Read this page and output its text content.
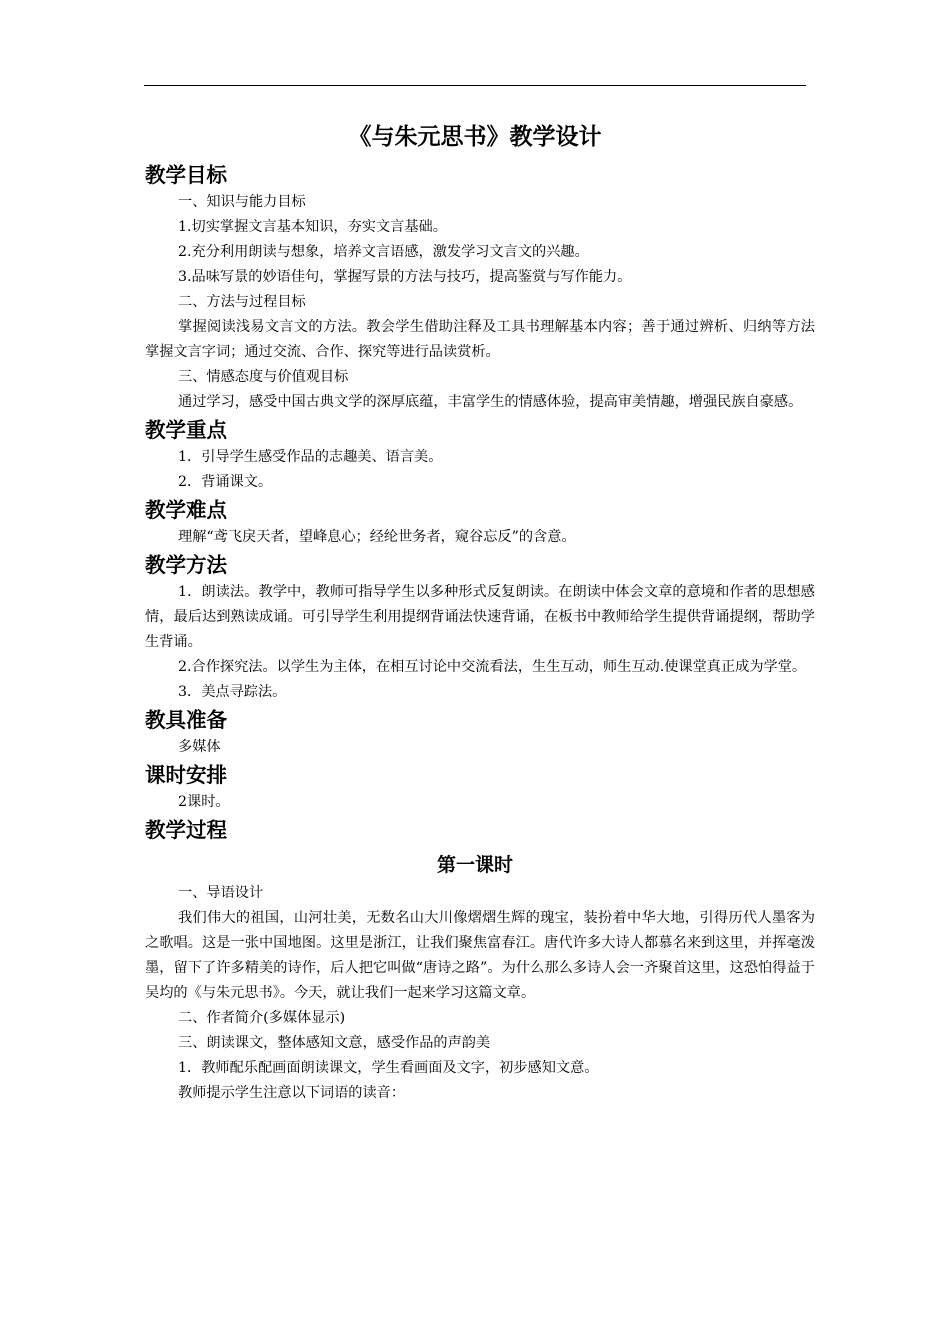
《与朱元思书》教学设计
教学目标

一、知识与能力目标

1.切实掌握文言基本知识，夯实文言基础。

2.充分利用朗读与想象，培养文言语感，激发学习文言文的兴趣。

3.品味写景的妙语佳句，掌握写景的方法与技巧，提高鉴赏与写作能力。

二、方法与过程目标

掌握阅读浅易文言文的方法。教会学生借助注释及工具书理解基本内容；善于通过辨析、归纳等方法掌握文言字词；通过交流、合作、探究等进行品读赏析。

三、情感态度与价值观目标

通过学习，感受中国古典文学的深厚底蕴，丰富学生的情感体验，提高审美情趣，增强民族自豪感。

教学重点

1．引导学生感受作品的志趣美、语言美。

2．背诵课文。

教学难点

理解“鸢飞戾天者，望峰息心；经纶世务者，窥谷忘反”的含意。

教学方法

1．朗读法。教学中，教师可指导学生以多种形式反复朗读。在朗读中体会文章的意境和作者的思想感情，最后达到熟读成诵。可引导学生利用提纲背诵法快速背诵，在板书中教师给学生提供背诵提纲，帮助学生背诵。

2.合作探究法。以学生为主体，在相互讨论中交流看法，生生互动，师生互动.使课堂真正成为学堂。

3．美点寻踪法。

教具准备

多媒体

课时安排

2课时。

教学过程
第一课时

一、导语设计

我们伟大的祖国，山河壮美，无数名山大川像熠熠生辉的瑰宝，装扮着中华大地，引得历代人墨客为之歌唱。这是一张中国地图。这里是浙江，让我们聚焦富春江。唐代许多大诗人都慕名来到这里，并挥毫泼墨，留下了许多精美的诗作，后人把它叫做“唐诗之路”。为什么那么多诗人会一齐聚首这里，这恐怕得益于吴均的《与朱元思书》。今天，就让我们一起来学习这篇文章。

二、作者简介(多媒体显示)

三、朗读课文，整体感知文意，感受作品的声韵美

1．教师配乐配画面朗读课文，学生看画面及文字，初步感知文意。

教师提示学生注意以下词语的读音：
